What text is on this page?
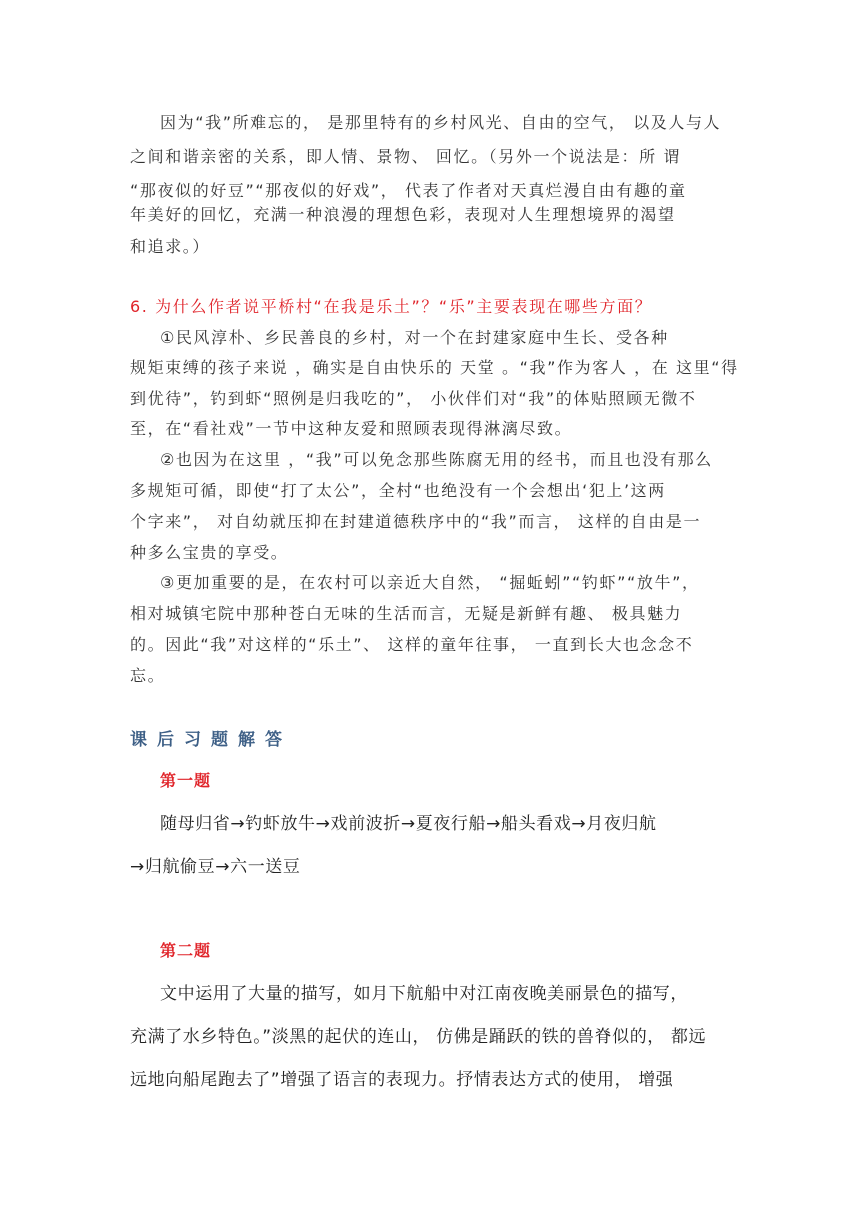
因为“我”所难忘的， 是那里特有的乡村风光、自由的空气， 以及人与人
之间和谐亲密的关系，即人情、景物、 回忆。（另外一个说法是：所 谓
“那夜似的好豆”“那夜似的好戏”， 代表了作者对天真烂漫自由有趣的童
年美好的回忆，充满一种浪漫的理想色彩，表现对人生理想境界的渴望
和追求。）
6. 为什么作者说平桥村“在我是乐土”？“乐”主要表现在哪些方面？
①民风淳朴、乡民善良的乡村，对一个在封建家庭中生长、受各种
规矩束缚的孩子来说 ，确实是自由快乐的 天堂 。“我”作为客人 ，在 这里“得
到优待”，钓到虾“照例是归我吃的”， 小伙伴们对“我”的体贴照顾无微不
至，在“看社戏”一节中这种友爱和照顾表现得淋漓尽致。
②也因为在这里 ，“我”可以免念那些陈腐无用的经书，而且也没有那么
多规矩可循，即使“打了太公”，全村“也绝没有一个会想出‘犯上’这两
个字来”， 对自幼就压抑在封建道德秩序中的“我”而言， 这样的自由是一
种多么宝贵的享受。
③更加重要的是，在农村可以亲近大自然， “掘蚯蚓”“钓虾”“放牛”，
相对城镇宅院中那种苍白无味的生活而言，无疑是新鲜有趣、 极具魅力
的。因此“我”对这样的“乐土”、 这样的童年往事， 一直到长大也念念不
忘。
课后习题解答
第一题
随母归省→钓虾放牛→戏前波折→夏夜行船→船头看戏→月夜归航
→归航偷豆→六一送豆
第二题
文中运用了大量的描写，如月下航船中对江南夜晚美丽景色的描写，
充满了水乡特色。”淡黑的起伏的连山， 仿佛是踊跃的铁的兽脊似的， 都远
远地向船尾跑去了”增强了语言的表现力。抒情表达方式的使用， 增强
